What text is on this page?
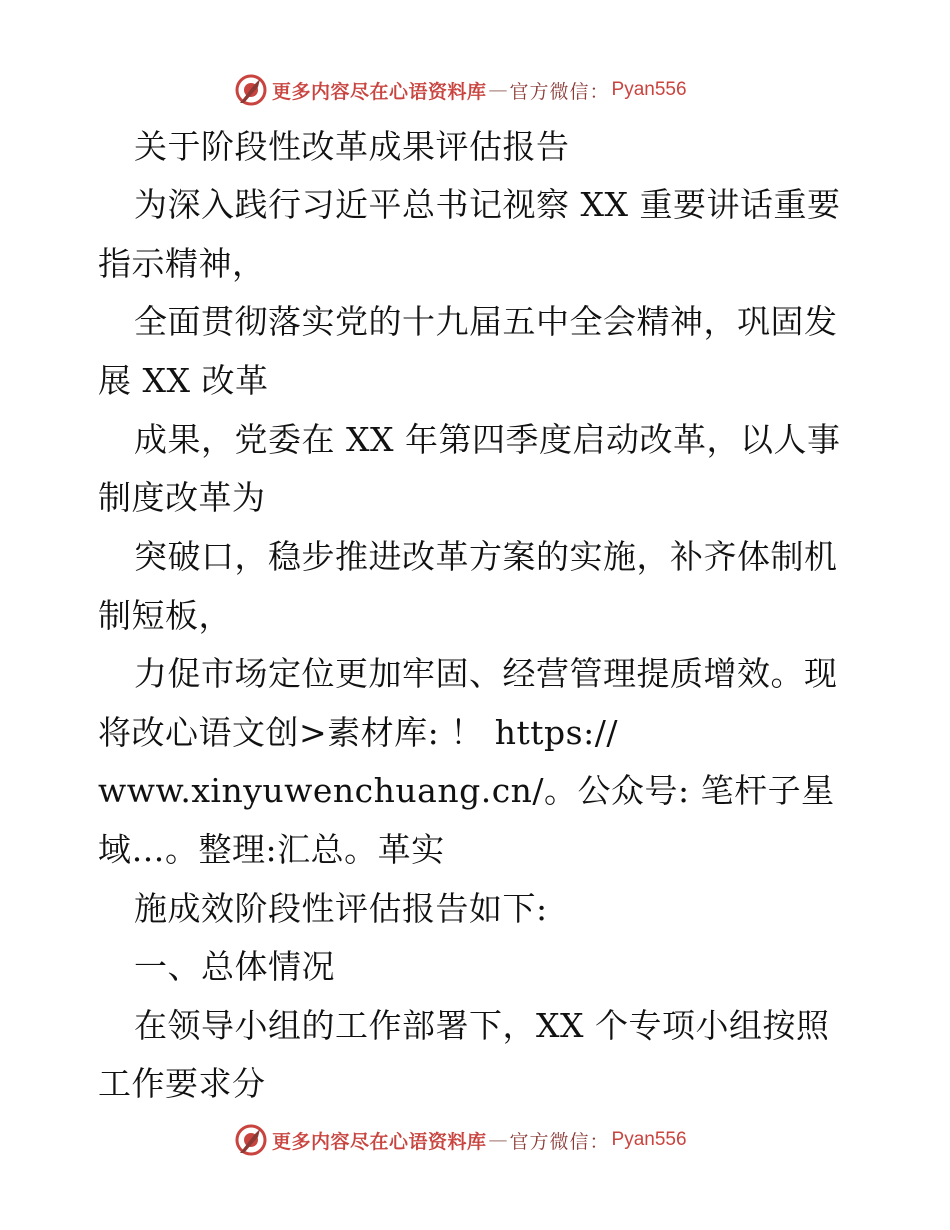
更多内容尽在心语资料库 — 官方微信： Pyan556
关于阶段性改革成果评估报告
为深入践行习近平总书记视察 XX 重要讲话重要
指示精神，
全面贯彻落实党的十九届五中全会精神，巩固发
展 XX 改革
成果，党委在 XX 年第四季度启动改革，以人事
制度改革为
突破口，稳步推进改革方案的实施，补齐体制机
制短板，
力促市场定位更加牢固、经营管理提质增效。现
将改心语文创>素材库: ！ https://
www.xinyuwenchuang.cn/。公众号: 笔杆子星
域…。整理:汇总。革实
施成效阶段性评估报告如下:
一、总体情况
在领导小组的工作部署下，XX 个专项小组按照
工作要求分
更多内容尽在心语资料库 — 官方微信： Pyan556
